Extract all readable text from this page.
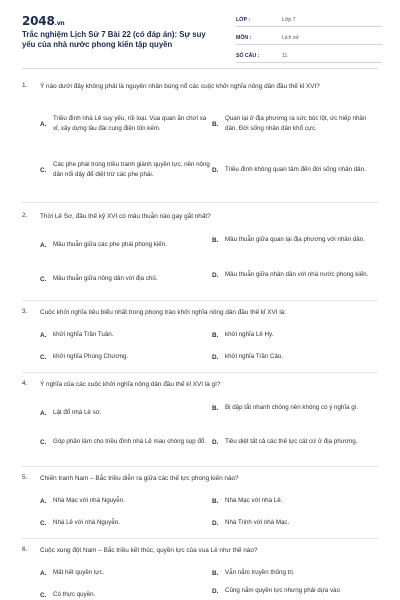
2048.vn
Trắc nghiệm Lịch Sử 7 Bài 22 (có đáp án): Sự suy yếu của nhà nước phong kiến tập quyền
LỚP :	Lớp 7
MÔN :	Lịch sử
SỐ CÂU :	11
1. Ý nào dưới đây không phải là nguyên nhân bùng nổ các cuộc khởi nghĩa nông dân đầu thế kỉ XVI?
A.
Triều đình nhà Lê suy yếu, rối loại. Vua quan ăn chơi xa xỉ, xây dựng lâu đài cung điện tốn kém.
B.
Quan lại ở địa phương ra sức bóc lột, ức hiếp nhân dân. Đời sống nhân dân khổ cực.
C.
Các phe phái trong triều tranh giành quyền lực, nên nông dân nổi dậy để diệt trừ các phe phái.
D.	Triều đình không quan tâm đến đời sống nhân dân.
2. Thời Lê Sơ, đầu thế kỷ XVI có mâu thuẫn nào gay gắt nhất?
A.	Mâu thuẫn giữa các phe phái phong kiến.
B.	Mâu thuẫn giữa quan lại địa phương với nhân dân.
C.	Mâu thuẫn giữa nông dân với địa chủ.	D.	Mâu thuẫn giữa nhân dân với nhà nước phong kiến.
3. Cuộc khởi nghĩa tiêu biểu nhất trong phong trào khởi nghĩa nông dân đầu thế kỉ XVI là:
A.	khởi nghĩa Trần Tuân.	B.	khởi nghĩa Lê Hy.
C.	khởi nghĩa Phùng Chương.	D.	khởi nghĩa Trần Cảo.
4. Ý nghĩa của các cuộc khởi nghĩa nông dân đầu thế kỉ XVI là gì?
A.	Lật đổ nhà Lê sơ.
B.	Bị dập tắt nhanh chóng nên không có ý nghĩa gì.
C.	Góp phần làm cho triều đình nhà Lê mau chóng sụp đổ. D.	Tiêu diệt tất cả các thế lực cát cứ ở địa phương.
5. Chiến tranh Nam – Bắc triều diễn ra giữa các thế lực phong kiến nào?
A.	Nhà Mạc với nhà Nguyễn.	B.	Nhà Mạc với nhà Lê.
C.	Nhà Lê với nhà Nguyễn.	D.	Nhà Trịnh với nhà Mạc.
6. Cuộc xung đột Nam – Bắc triều kết thúc, quyền lực của vua Lê như thế nào?
A.	Mất hết quyền lực.	B.	Vẫn nắm truyền thống trị.
C.	Có thực quyền.	D.	Cũng nắm quyền lực nhưng phải dựa vào
